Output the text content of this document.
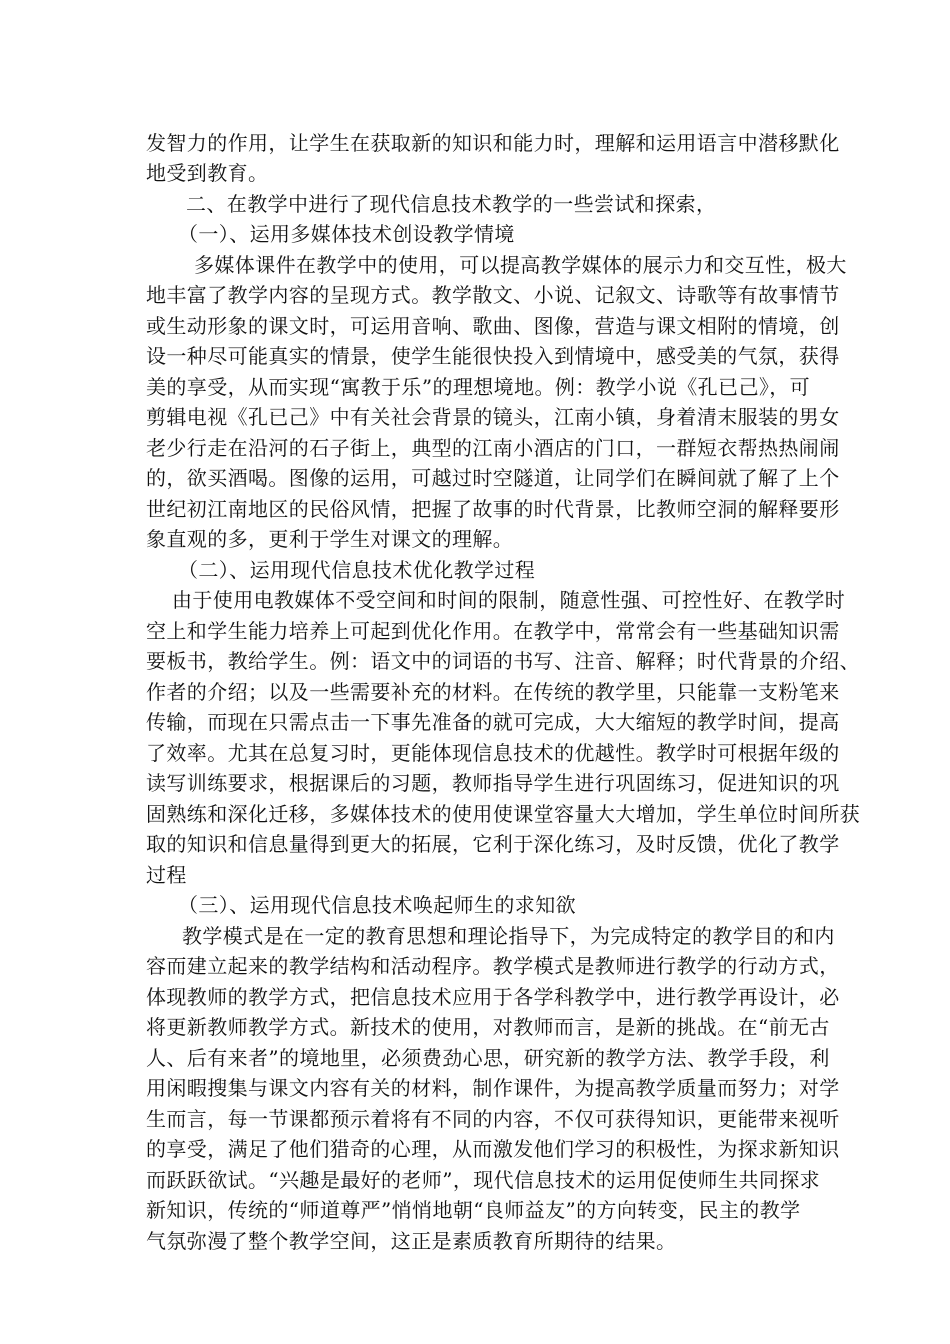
发智力的作用，让学生在获取新的知识和能力时，理解和运用语言中潜移默化
地受到教育。
二、在教学中进行了现代信息技术教学的一些尝试和探索，
（一）、运用多媒体技术创设教学情境
多媒体课件在教学中的使用，可以提高教学媒体的展示力和交互性，极大
地丰富了教学内容的呈现方式。教学散文、小说、记叙文、诗歌等有故事情节
或生动形象的课文时，可运用音响、歌曲、图像，营造与课文相附的情境，创
设一种尽可能真实的情景，使学生能很快投入到情境中，感受美的气氛，获得
美的享受，从而实现“寓教于乐”的理想境地。例：教学小说《孔已己》，可
剪辑电视《孔已己》中有关社会背景的镜头，江南小镇，身着清末服装的男女
老少行走在沿河的石子街上，典型的江南小酒店的门口，一群短衣帮热热闹闹
的，欲买酒喝。图像的运用，可越过时空隧道，让同学们在瞬间就了解了上个
世纪初江南地区的民俗风情，把握了故事的时代背景，比教师空洞的解释要形
象直观的多，更利于学生对课文的理解。
（二）、运用现代信息技术优化教学过程
由于使用电教媒体不受空间和时间的限制，随意性强、可控性好、在教学时
空上和学生能力培养上可起到优化作用。在教学中，常常会有一些基础知识需
要板书，教给学生。例：语文中的词语的书写、注音、解释；时代背景的介绍、
作者的介绍；以及一些需要补充的材料。在传统的教学里，只能靠一支粉笔来
传输，而现在只需点击一下事先准备的就可完成，大大缩短的教学时间，提高
了效率。尤其在总复习时，更能体现信息技术的优越性。教学时可根据年级的
读写训练要求，根据课后的习题，教师指导学生进行巩固练习，促进知识的巩
固熟练和深化迁移，多媒体技术的使用使课堂容量大大增加，学生单位时间所获
取的知识和信息量得到更大的拓展，它利于深化练习，及时反馈，优化了教学
过程
（三）、运用现代信息技术唤起师生的求知欲
教学模式是在一定的教育思想和理论指导下，为完成特定的教学目的和内
容而建立起来的教学结构和活动程序。教学模式是教师进行教学的行动方式，
体现教师的教学方式，把信息技术应用于各学科教学中，进行教学再设计，必
将更新教师教学方式。新技术的使用，对教师而言，是新的挑战。在“前无古
人、后有来者”的境地里，必须费劲心思，研究新的教学方法、教学手段，利
用闲暇搜集与课文内容有关的材料，制作课件，为提高教学质量而努力；对学
生而言，每一节课都预示着将有不同的内容，不仅可获得知识，更能带来视听
的享受，满足了他们猎奇的心理，从而激发他们学习的积极性，为探求新知识
而跃跃欲试。“兴趣是最好的老师”，现代信息技术的运用促使师生共同探求
新知识，传统的“师道尊严”悄悄地朝“良师益友”的方向转变，民主的教学
气氛弥漫了整个教学空间，这正是素质教育所期待的结果。
